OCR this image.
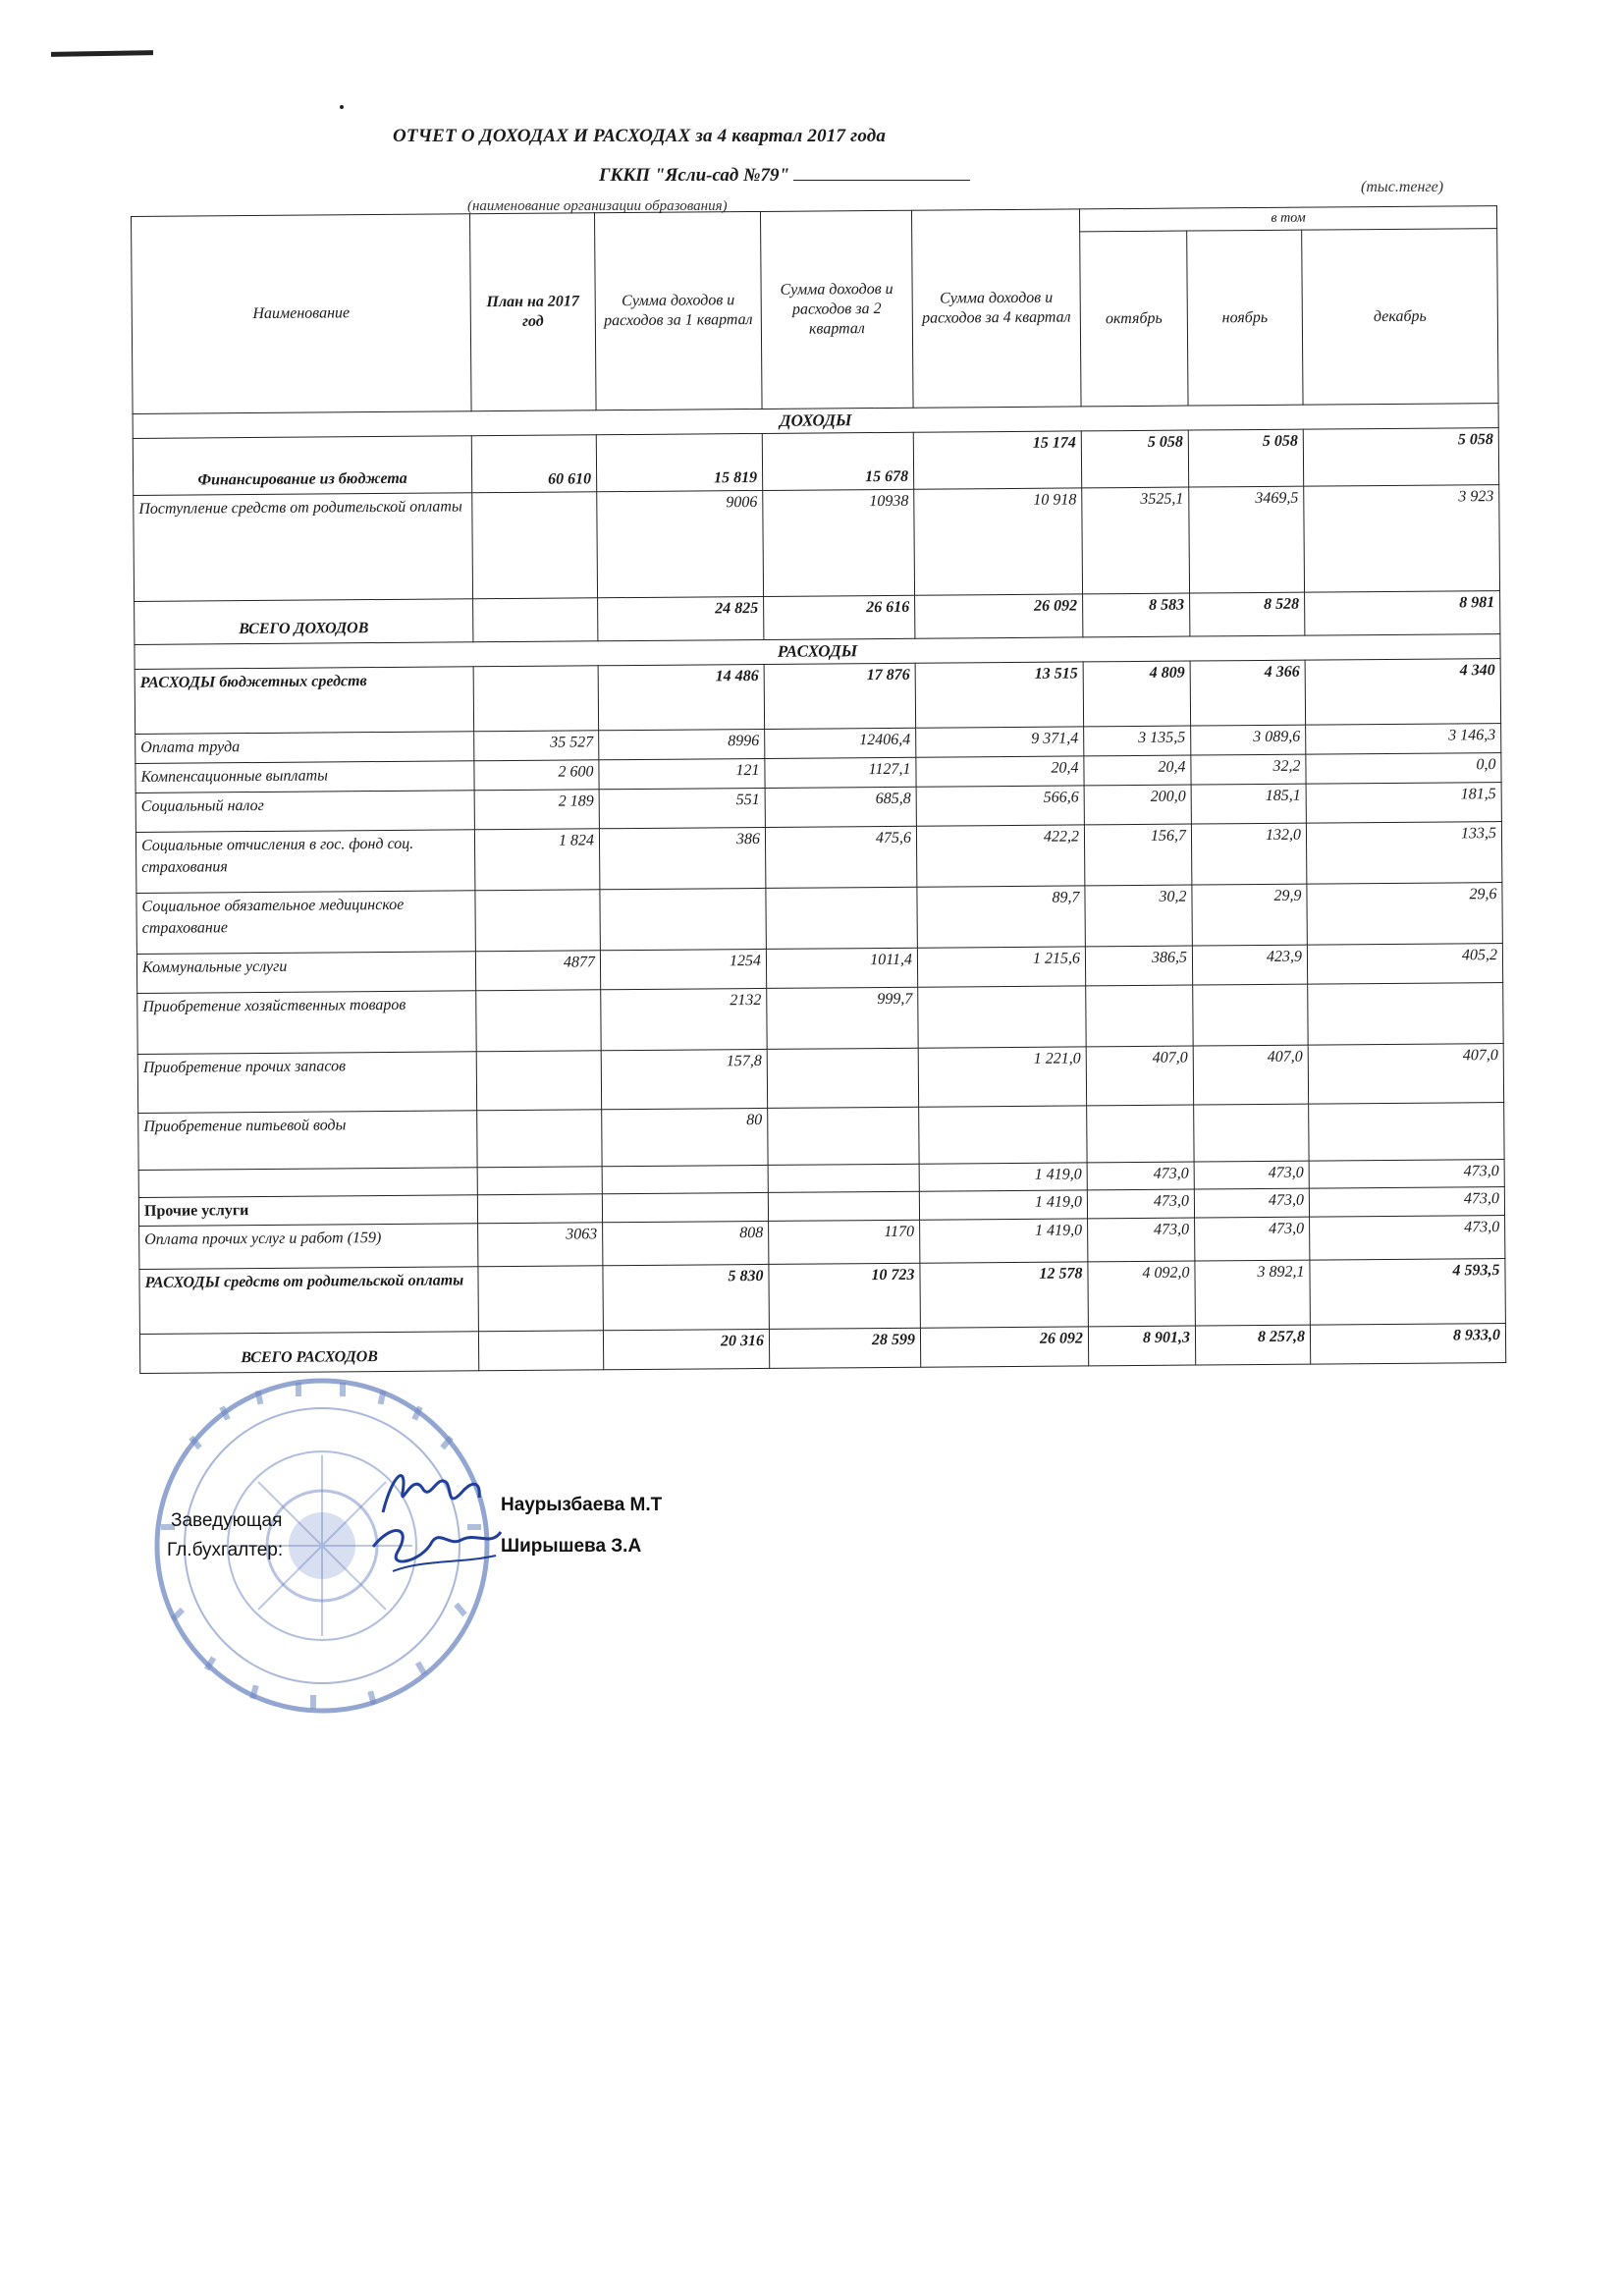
ОТЧЕТ О ДОХОДАХ И РАСХОДАХ за 4 квартал 2017 года
ГККП "Ясли-сад №79"
(наименование организации образования)
(тыс.тенге)
Наименование	План на 2017 год	Сумма доходов и расходов за 1 квартал	Сумма доходов и расходов за 2 квартал	Сумма доходов и расходов за 4 квартал	в том		
					октябрь	ноябрь	декабрь
ДОХОДЫ							
Финансирование из бюджета	60 610	15 819	15 678	15 174	5 058	5 058	5 058
Поступление средств от родительской оплаты		9006	10938	10 918	3525,1	3469,5	3 923
ВСЕГО ДОХОДОВ		24 825	26 616	26 092	8 583	8 528	8 981
РАСХОДЫ							
РАСХОДЫ бюджетных средств		14 486	17 876	13 515	4 809	4 366	4 340
Оплата труда	35 527	8996	12406,4	9 371,4	3 135,5	3 089,6	3 146,3
Компенсационные выплаты	2 600	121	1127,1	20,4	20,4	32,2	0,0
Социальный налог	2 189	551	685,8	566,6	200,0	185,1	181,5
Социальные отчисления в гос. фонд соц. страхования	1 824	386	475,6	422,2	156,7	132,0	133,5
Социальное обязательное медицинское страхование				89,7	30,2	29,9	29,6
Коммунальные услуги	4877	1254	1011,4	1 215,6	386,5	423,9	405,2
Приобретение хозяйственных товаров		2132	999,7				
Приобретение прочих запасов		157,8		1 221,0	407,0	407,0	407,0
Приобретение питьевой воды		80					
				1 419,0	473,0	473,0	473,0
Прочие услуги				1 419,0	473,0	473,0	473,0
Оплата прочих услуг и работ (159)	3063	808	1170	1 419,0	473,0	473,0	473,0
РАСХОДЫ средств от родительской оплаты		5 830	10 723	12 578	4 092,0	3 892,1	4 593,5
ВСЕГО РАСХОДОВ		20 316	28 599	26 092	8 901,3	8 257,8	8 933,0
Заведующая
Наурызбаева М.Т
Гл.бухгалтер:	Ширышева З.А
